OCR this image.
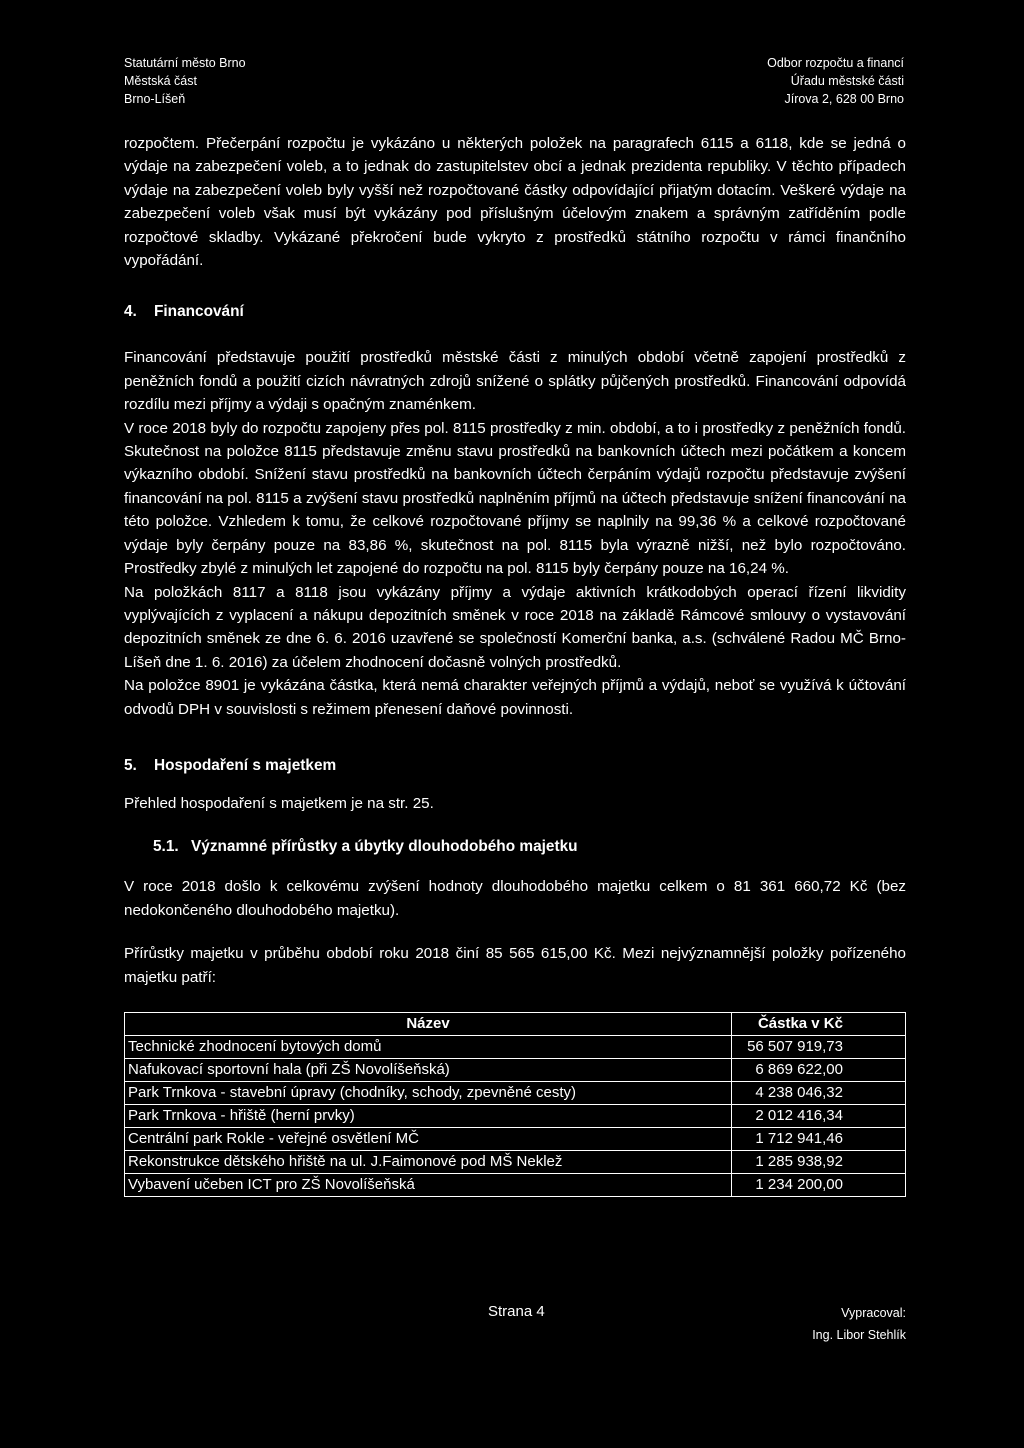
Statutární město Brno
Městská část
Brno-Líšeň
Odbor rozpočtu a financí
Úřadu městské části
Jírova 2, 628 00 Brno

rozpočtem. Přečerpání rozpočtu je vykázáno u některých položek na paragrafech 6115 a 6118, kde se jedná o výdaje na zabezpečení voleb, a to jednak do zastupitelstev obcí a jednak prezidenta republiky. V těchto případech výdaje na zabezpečení voleb byly vyšší než rozpočtované částky odpovídající přijatým dotacím. Veškeré výdaje na zabezpečení voleb však musí být vykázány pod příslušným účelovým znakem a správným zatříděním podle rozpočtové skladby. Vykázané překročení bude vykryto z prostředků státního rozpočtu v rámci finančního vypořádání.

4. Financování

Financování představuje použití prostředků městské části z minulých období včetně zapojení prostředků z peněžních fondů a použití cizích návratných zdrojů snížené o splátky půjčených prostředků. Financování odpovídá rozdílu mezi příjmy a výdaji s opačným znaménkem.

V roce 2018 byly do rozpočtu zapojeny přes pol. 8115 prostředky z min. období, a to i prostředky z peněžních fondů. Skutečnost na položce 8115 představuje změnu stavu prostředků na bankovních účtech mezi počátkem a koncem výkazního období. Snížení stavu prostředků na bankovních účtech čerpáním výdajů rozpočtu představuje zvýšení financování na pol. 8115 a zvýšení stavu prostředků naplněním příjmů na účtech představuje snížení financování na této položce. Vzhledem k tomu, že celkové rozpočtované příjmy se naplnily na 99,36 % a celkové rozpočtované výdaje byly čerpány pouze na 83,86 %, skutečnost na pol. 8115 byla výrazně nižší, než bylo rozpočtováno. Prostředky zbylé z minulých let zapojené do rozpočtu na pol. 8115 byly čerpány pouze na 16,24 %.

Na položkách 8117 a 8118 jsou vykázány příjmy a výdaje aktivních krátkodobých operací řízení likvidity vyplývajících z vyplacení a nákupu depozitních směnek v roce 2018 na základě Rámcové smlouvy o vystavování depozitních směnek ze dne 6. 6. 2016 uzavřené se společností Komerční banka, a.s. (schválené Radou MČ Brno-Líšeň dne 1. 6. 2016) za účelem zhodnocení dočasně volných prostředků.

Na položce 8901 je vykázána částka, která nemá charakter veřejných příjmů a výdajů, neboť se využívá k účtování odvodů DPH v souvislosti s režimem přenesení daňové povinnosti.

5. Hospodaření s majetkem

Přehled hospodaření s majetkem je na str. 25.

5.1. Významné přírůstky a úbytky dlouhodobého majetku

V roce 2018 došlo k celkovému zvýšení hodnoty dlouhodobého majetku celkem o 81 361 660,72 Kč (bez nedokončeného dlouhodobého majetku).

Přírůstky majetku v průběhu období roku 2018 činí 85 565 615,00 Kč. Mezi nejvýznamnější položky pořízeného majetku patří:

Název	Částka v Kč
Technické zhodnocení bytových domů	56 507 919,73
Nafukovací sportovní hala (při ZŠ Novolíšeňská)	6 869 622,00
Park Trnkova - stavební úpravy (chodníky, schody, zpevněné cesty)	4 238 046,32
Park Trnkova - hřiště (herní prvky)	2 012 416,34
Centrální park Rokle - veřejné osvětlení MČ	1 712 941,46
Rekonstrukce dětského hřiště na ul. J.Faimonové pod MŠ Neklež	1 285 938,92
Vybavení učeben ICT pro ZŠ Novolíšeňská	1 234 200,00
Strana 4	Vypracoval:
Ing. Libor Stehlík
